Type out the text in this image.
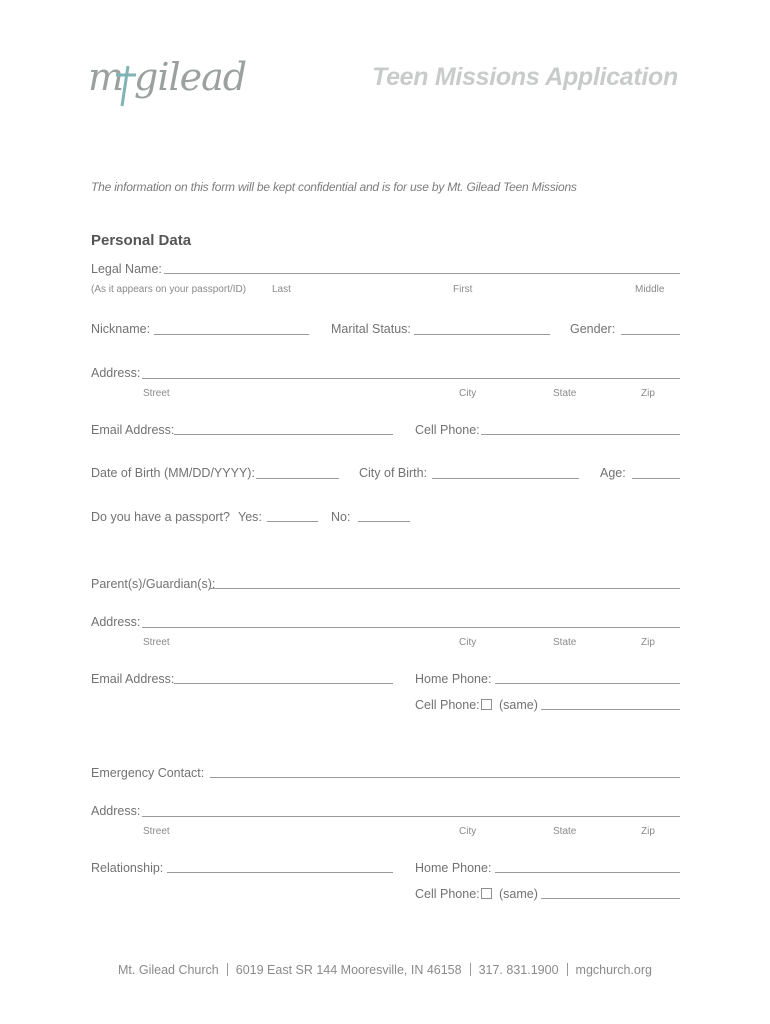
m gilead	Teen Missions Application
The information on this form will be kept confidential and is for use by Mt. Gilead Teen Missions
Personal Data
Legal Name:
(As it appears on your passport/ID)	Last	First	Middle
Nickname:	Marital Status:	Gender:
Address:
Street	City	State	Zip
Email Address:	Cell Phone:
Date of Birth (MM/DD/YYYY):	City of Birth:	Age:
Do you have a passport? Yes:	No:
Parent(s)/Guardian(s):
Address:
Street	City	State	Zip
Email Address:	Home Phone:
Cell Phone: (same)
Emergency Contact:
Address:
Street	City	State	Zip
Relationship:	Home Phone:
Cell Phone: (same)
Mt. Gilead Church 6019 East SR 144 Mooresville, IN 46158 317. 831.1900 mgchurch.org
